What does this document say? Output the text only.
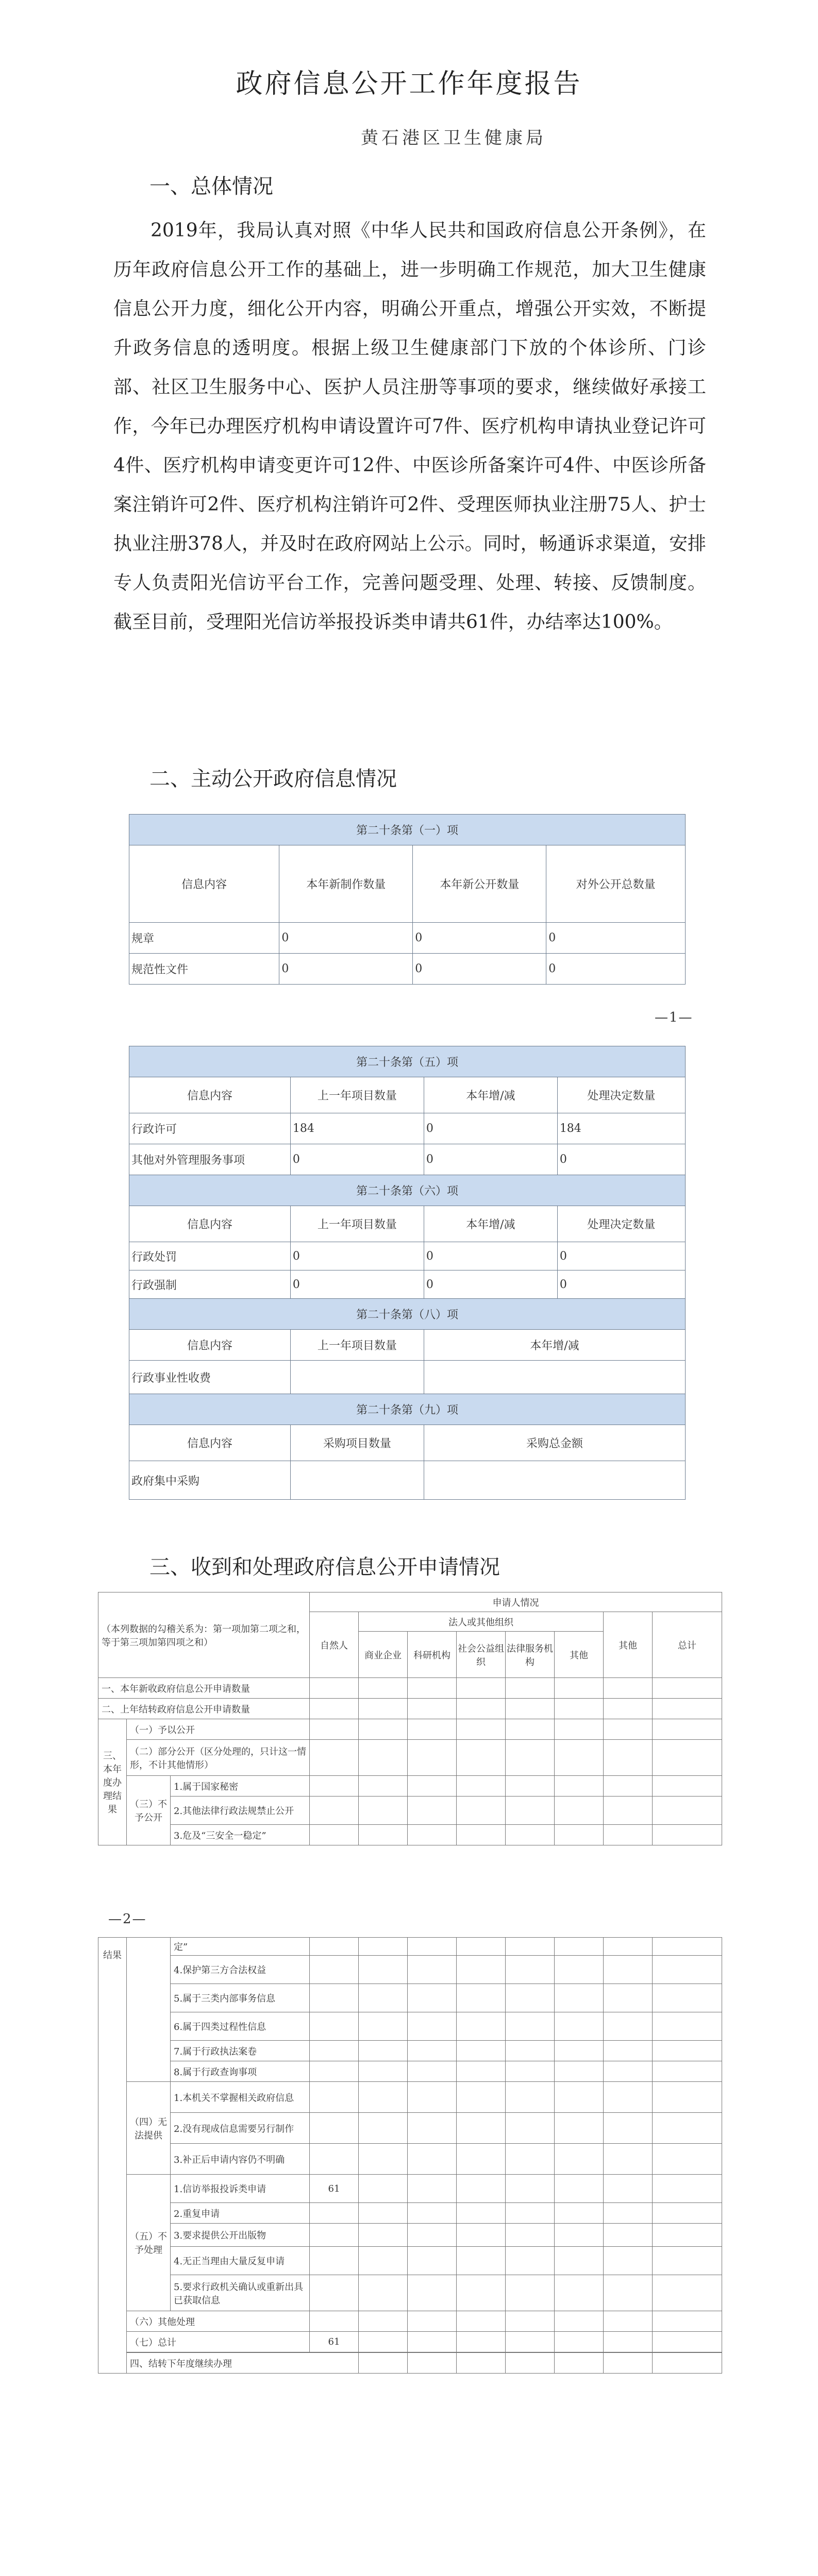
政府信息公开工作年度报告
黄石港区卫生健康局
一、总体情况
2019年，我局认真对照《中华人民共和国政府信息公开条例》，在历年政府信息公开工作的基础上，进一步明确工作规范，加大卫生健康信息公开力度，细化公开内容，明确公开重点，增强公开实效，不断提升政务信息的透明度。根据上级卫生健康部门下放的个体诊所、门诊部、社区卫生服务中心、医护人员注册等事项的要求，继续做好承接工作，今年已办理医疗机构申请设置许可7件、医疗机构申请执业登记许可4件、医疗机构申请变更许可12件、中医诊所备案许可4件、中医诊所备案注销许可2件、医疗机构注销许可2件、受理医师执业注册75人、护士执业注册378人，并及时在政府网站上公示。同时，畅通诉求渠道，安排专人负责阳光信访平台工作，完善问题受理、处理、转接、反馈制度。截至目前，受理阳光信访举报投诉类申请共61件，办结率达100%。
二、主动公开政府信息情况
第二十条第（一）项			
信息内容	本年新制作数量	本年新公开数量	对外公开总数量
规章	0	0	0
规范性文件	0	0	0
—1—
第二十条第（五）项			
信息内容	上一年项目数量	本年增/减	处理决定数量
行政许可	184	0	184
其他对外管理服务事项	0	0	0
第二十条第（六）项			
信息内容	上一年项目数量	本年增/减	处理决定数量
行政处罚	0	0	0
行政强制	0	0	0
第二十条第（八）项			
信息内容	上一年项目数量	本年增/减	
行政事业性收费			
第二十条第（九）项			
信息内容	采购项目数量	采购总金额	
政府集中采购			
三、收到和处理政府信息公开申请情况
（本列数据的勾稽关系为：第一项加第二项之和，等于第三项加第四项之和）			申请人情况							
			自然人	法人或其他组织					其他	总计
				商业企业	科研机构	社会公益组织	法律服务机构	其他		
一、本年新收政府信息公开申请数量										
二、上年结转政府信息公开申请数量										
三、本年度办理结果	（一）予以公开									
	（二）部分公开（区分处理的，只计这一情形，不计其他情形）									
	（三）不予公开	1.属于国家秘密								
		2.其他法律行政法规禁止公开								
		3.危及“三安全一稳定”								
—2—
结果		定”									
		4.保护第三方合法权益									
		5.属于三类内部事务信息									
		6.属于四类过程性信息									
		7.属于行政执法案卷									
		8.属于行政查询事项									
	（四）无法提供	1.本机关不掌握相关政府信息									
		2.没有现成信息需要另行制作									
		3.补正后申请内容仍不明确									
	（五）不予处理	1.信访举报投诉类申请	61								
		2.重复申请									
		3.要求提供公开出版物									
		4.无正当理由大量反复申请									
		5.要求行政机关确认或重新出具已获取信息									
	（六）其他处理										
	（七）总计		61								

	四、结转下年度继续办理										
